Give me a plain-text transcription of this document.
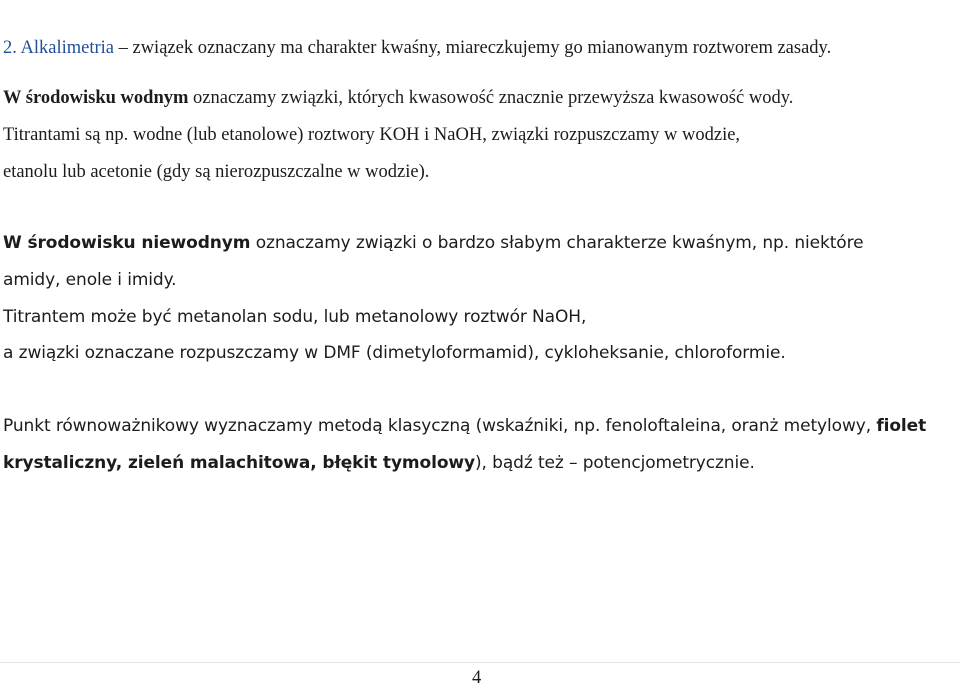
2. Alkalimetria – związek oznaczany ma charakter kwaśny, miareczkujemy go mianowanym roztworem zasady.
W środowisku wodnym oznaczamy związki, których kwasowość znacznie przewyższa kwasowość wody.
Titrantami są np. wodne (lub etanolowe) roztwory KOH i NaOH, związki rozpuszczamy w wodzie,
etanolu lub acetonie (gdy są nierozpuszczalne w wodzie).
W środowisku niewodnym oznaczamy związki o bardzo słabym charakterze kwaśnym, np. niektóre
amidy, enole i imidy.
Titrantem może być metanolan sodu, lub metanolowy roztwór NaOH,
a związki oznaczane rozpuszczamy w DMF (dimetyloformamid), cykloheksanie, chloroformie.
Punkt równoważnikowy wyznaczamy metodą klasyczną (wskaźniki, np. fenoloftaleina, oranż metylowy, fiolet
krystaliczny, zieleń malachitowa, błękit tymolowy), bądź też – potencjometrycznie.
4
